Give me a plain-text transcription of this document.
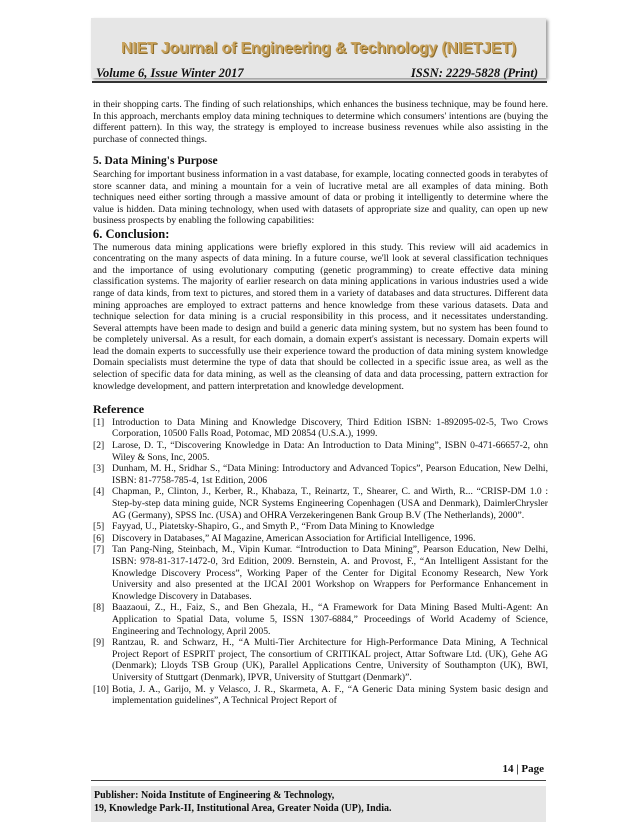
NIET Journal of Engineering & Technology (NIETJET)
Volume 6, Issue Winter 2017	ISSN: 2229-5828 (Print)

in their shopping carts. The finding of such relationships, which enhances the business technique, may be found here. In this approach, merchants employ data mining techniques to determine which consumers' intentions are (buying the different pattern). In this way, the strategy is employed to increase business revenues while also assisting in the purchase of connected things.

5. Data Mining's Purpose

Searching for important business information in a vast database, for example, locating connected goods in terabytes of store scanner data, and mining a mountain for a vein of lucrative metal are all examples of data mining. Both techniques need either sorting through a massive amount of data or probing it intelligently to determine where the value is hidden. Data mining technology, when used with datasets of appropriate size and quality, can open up new business prospects by enabling the following capabilities:

6. Conclusion:

The numerous data mining applications were briefly explored in this study. This review will aid academics in concentrating on the many aspects of data mining. In a future course, we'll look at several classification techniques and the importance of using evolutionary computing (genetic programming) to create effective data mining classification systems. The majority of earlier research on data mining applications in various industries used a wide range of data kinds, from text to pictures, and stored them in a variety of databases and data structures. Different data mining approaches are employed to extract patterns and hence knowledge from these various datasets. Data and technique selection for data mining is a crucial responsibility in this process, and it necessitates understanding. Several attempts have been made to design and build a generic data mining system, but no system has been found to be completely universal. As a result, for each domain, a domain expert's assistant is necessary. Domain experts will lead the domain experts to successfully use their experience toward the production of data mining system knowledge Domain specialists must determine the type of data that should be collected in a specific issue area, as well as the selection of specific data for data mining, as well as the cleansing of data and data processing, pattern extraction for knowledge development, and pattern interpretation and knowledge development.

Reference
[1] Introduction to Data Mining and Knowledge Discovery, Third Edition ISBN: 1-892095-02-5, Two Crows Corporation, 10500 Falls Road, Potomac, MD 20854 (U.S.A.), 1999.
[2] Larose, D. T., “Discovering Knowledge in Data: An Introduction to Data Mining”, ISBN 0-471-66657-2, ohn Wiley & Sons, Inc, 2005.
[3] Dunham, M. H., Sridhar S., “Data Mining: Introductory and Advanced Topics”, Pearson Education, New Delhi, ISBN: 81-7758-785-4, 1st Edition, 2006
[4] Chapman, P., Clinton, J., Kerber, R., Khabaza, T., Reinartz, T., Shearer, C. and Wirth, R... “CRISP-DM 1.0 : Step-by-step data mining guide, NCR Systems Engineering Copenhagen (USA and Denmark), DaimlerChrysler AG (Germany), SPSS Inc. (USA) and OHRA Verzekeringenen Bank Group B.V (The Netherlands), 2000”.
[5] Fayyad, U., Piatetsky-Shapiro, G., and Smyth P., “From Data Mining to Knowledge
[6] Discovery in Databases,” AI Magazine, American Association for Artificial Intelligence, 1996.
[7] Tan Pang-Ning, Steinbach, M., Vipin Kumar. “Introduction to Data Mining”, Pearson Education, New Delhi, ISBN: 978-81-317-1472-0, 3rd Edition, 2009. Bernstein, A. and Provost, F., “An Intelligent Assistant for the Knowledge Discovery Process”, Working Paper of the Center for Digital Economy Research, New York University and also presented at the IJCAI 2001 Workshop on Wrappers for Performance Enhancement in Knowledge Discovery in Databases.
[8] Baazaoui, Z., H., Faiz, S., and Ben Ghezala, H., “A Framework for Data Mining Based Multi-Agent: An Application to Spatial Data, volume 5, ISSN 1307-6884,” Proceedings of World Academy of Science, Engineering and Technology, April 2005.
[9] Rantzau, R. and Schwarz, H., “A Multi-Tier Architecture for High-Performance Data Mining, A Technical Project Report of ESPRIT project, The consortium of CRITIKAL project, Attar Software Ltd. (UK), Gehe AG (Denmark); Lloyds TSB Group (UK), Parallel Applications Centre, University of Southampton (UK), BWI, University of Stuttgart (Denmark), IPVR, University of Stuttgart (Denmark)”.
[10] Botia, J. A., Garijo, M. y Velasco, J. R., Skarmeta, A. F., “A Generic Data mining System basic design and implementation guidelines”, A Technical Project Report of
14 | Page
Publisher: Noida Institute of Engineering & Technology,
19, Knowledge Park-II, Institutional Area, Greater Noida (UP), India.
